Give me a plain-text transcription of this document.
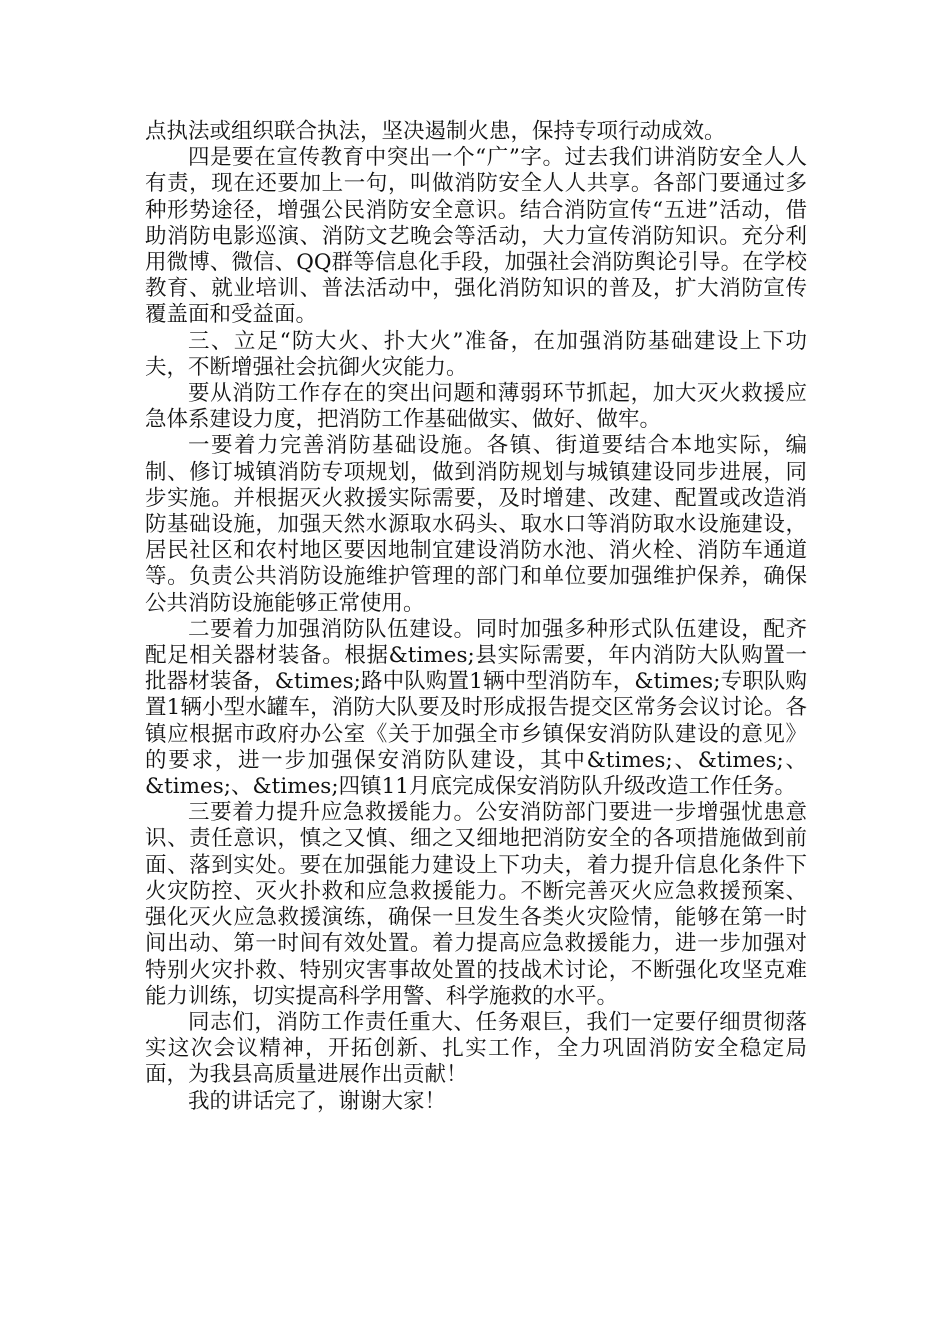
点执法或组织联合执法，坚决遏制火患，保持专项行动成效。

四是要在宣传教育中突出一个“广”字。过去我们讲消防安全人人有责，现在还要加上一句，叫做消防安全人人共享。各部门要通过多种形势途径，增强公民消防安全意识。结合消防宣传“五进”活动，借助消防电影巡演、消防文艺晚会等活动，大力宣传消防知识。充分利用微博、微信、QQ群等信息化手段，加强社会消防舆论引导。在学校教育、就业培训、普法活动中，强化消防知识的普及，扩大消防宣传覆盖面和受益面。

三、立足“防大火、扑大火”准备，在加强消防基础建设上下功夫，不断增强社会抗御火灾能力。

要从消防工作存在的突出问题和薄弱环节抓起，加大灭火救援应急体系建设力度，把消防工作基础做实、做好、做牢。

一要着力完善消防基础设施。各镇、街道要结合本地实际，编制、修订城镇消防专项规划，做到消防规划与城镇建设同步进展，同步实施。并根据灭火救援实际需要，及时增建、改建、配置或改造消防基础设施，加强天然水源取水码头、取水口等消防取水设施建设，居民社区和农村地区要因地制宜建设消防水池、消火栓、消防车通道等。负责公共消防设施维护管理的部门和单位要加强维护保养，确保公共消防设施能够正常使用。

二要着力加强消防队伍建设。同时加强多种形式队伍建设，配齐配足相关器材装备。根据&times;县实际需要，年内消防大队购置一批器材装备，&times;路中队购置1辆中型消防车，&times;专职队购置1辆小型水罐车，消防大队要及时形成报告提交区常务会议讨论。各镇应根据市政府办公室《关于加强全市乡镇保安消防队建设的意见》的要求，进一步加强保安消防队建设，其中&times;、&times;、&times;、&times;四镇11月底完成保安消防队升级改造工作任务。

三要着力提升应急救援能力。公安消防部门要进一步增强忧患意识、责任意识，慎之又慎、细之又细地把消防安全的各项措施做到前面、落到实处。要在加强能力建设上下功夫，着力提升信息化条件下火灾防控、灭火扑救和应急救援能力。不断完善灭火应急救援预案、强化灭火应急救援演练，确保一旦发生各类火灾险情，能够在第一时间出动、第一时间有效处置。着力提高应急救援能力，进一步加强对特别火灾扑救、特别灾害事故处置的技战术讨论，不断强化攻坚克难能力训练，切实提高科学用警、科学施救的水平。

同志们，消防工作责任重大、任务艰巨，我们一定要仔细贯彻落实这次会议精神，开拓创新、扎实工作，全力巩固消防安全稳定局面，为我县高质量进展作出贡献！

我的讲话完了，谢谢大家！
